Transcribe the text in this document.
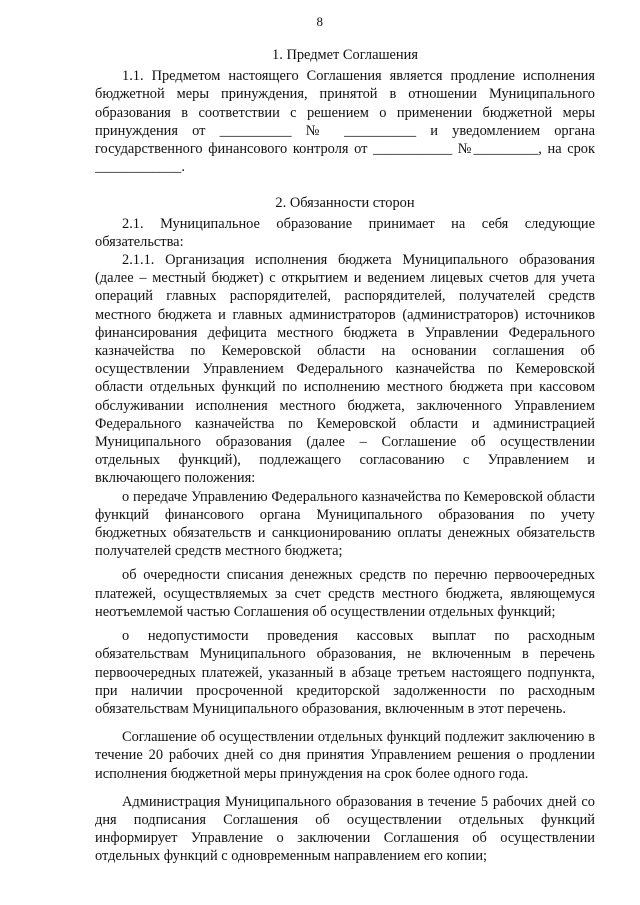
8
1. Предмет Соглашения

1.1. Предметом настоящего Соглашения является продление исполнения бюджетной меры принуждения, принятой в отношении Муниципального образования в соответствии с решением о применении бюджетной меры принуждения от __________ № __________ и уведомлением органа государственного финансового контроля от ___________ №_________, на срок ____________.

2. Обязанности сторон

2.1. Муниципальное образование принимает на себя следующие обязательства:

2.1.1. Организация исполнения бюджета Муниципального образования (далее – местный бюджет) с открытием и ведением лицевых счетов для учета операций главных распорядителей, распорядителей, получателей средств местного бюджета и главных администраторов (администраторов) источников финансирования дефицита местного бюджета в Управлении Федерального казначейства по Кемеровской области на основании соглашения об осуществлении Управлением Федерального казначейства по Кемеровской области отдельных функций по исполнению местного бюджета при кассовом обслуживании исполнения местного бюджета, заключенного Управлением Федерального казначейства по Кемеровской области и администрацией Муниципального образования (далее – Соглашение об осуществлении отдельных функций), подлежащего согласованию с Управлением и включающего положения:

о передаче Управлению Федерального казначейства по Кемеровской области функций финансового органа Муниципального образования по учету бюджетных обязательств и санкционированию оплаты денежных обязательств получателей средств местного бюджета;

об очередности списания денежных средств по перечню первоочередных платежей, осуществляемых за счет средств местного бюджета, являющемуся неотъемлемой частью Соглашения об осуществлении отдельных функций;

о недопустимости проведения кассовых выплат по расходным обязательствам Муниципального образования, не включенным в перечень первоочередных платежей, указанный в абзаце третьем настоящего подпункта, при наличии просроченной кредиторской задолженности по расходным обязательствам Муниципального образования, включенным в этот перечень.

Соглашение об осуществлении отдельных функций подлежит заключению в течение 20 рабочих дней со дня принятия Управлением решения о продлении исполнения бюджетной меры принуждения на срок более одного года.

Администрация Муниципального образования в течение 5 рабочих дней со дня подписания Соглашения об осуществлении отдельных функций информирует Управление о заключении Соглашения об осуществлении отдельных функций с одновременным направлением его копии;
